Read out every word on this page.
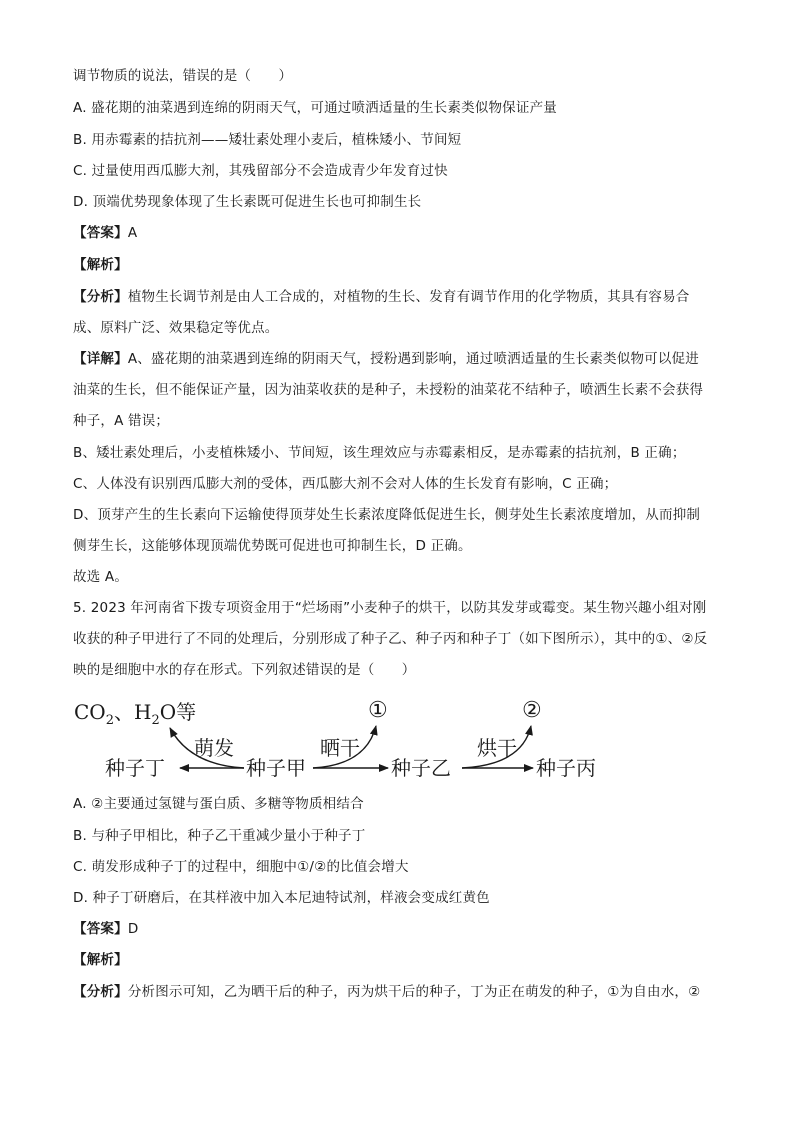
调节物质的说法，错误的是（　　）
A. 盛花期的油菜遇到连绵的阴雨天气，可通过喷洒适量的生长素类似物保证产量
B. 用赤霉素的拮抗剂——矮壮素处理小麦后，植株矮小、节间短
C. 过量使用西瓜膨大剂，其残留部分不会造成青少年发育过快
D. 顶端优势现象体现了生长素既可促进生长也可抑制生长
【答案】A
【解析】
【分析】植物生长调节剂是由人工合成的，对植物的生长、发育有调节作用的化学物质，其具有容易合
成、原料广泛、效果稳定等优点。
【详解】A、盛花期的油菜遇到连绵的阴雨天气，授粉遇到影响，通过喷洒适量的生长素类似物可以促进
油菜的生长，但不能保证产量，因为油菜收获的是种子，未授粉的油菜花不结种子，喷洒生长素不会获得
种子，A 错误；
B、矮壮素处理后，小麦植株矮小、节间短，该生理效应与赤霉素相反，是赤霉素的拮抗剂，B 正确；
C、人体没有识别西瓜膨大剂的受体，西瓜膨大剂不会对人体的生长发育有影响，C 正确；
D、顶芽产生的生长素向下运输使得顶芽处生长素浓度降低促进生长，侧芽处生长素浓度增加，从而抑制
侧芽生长，这能够体现顶端优势既可促进也可抑制生长，D 正确。
故选 A。
5. 2023 年河南省下拨专项资金用于“烂场雨”小麦种子的烘干，以防其发芽或霉变。某生物兴趣小组对刚
收获的种子甲进行了不同的处理后，分别形成了种子乙、种子丙和种子丁（如下图所示），其中的①、②反
映的是细胞中水的存在形式。下列叙述错误的是（　　）
$CO_2$、$H_2O$等	①	②
种子丁	种子甲	种子乙	种子丙
萌发	晒干	烘干
A. ②主要通过氢键与蛋白质、多糖等物质相结合
B. 与种子甲相比，种子乙干重减少量小于种子丁
C. 萌发形成种子丁的过程中，细胞中①/②的比值会增大
D. 种子丁研磨后，在其样液中加入本尼迪特试剂，样液会变成红黄色
【答案】D
【解析】
【分析】分析图示可知，乙为晒干后的种子，丙为烘干后的种子，丁为正在萌发的种子，①为自由水，②
